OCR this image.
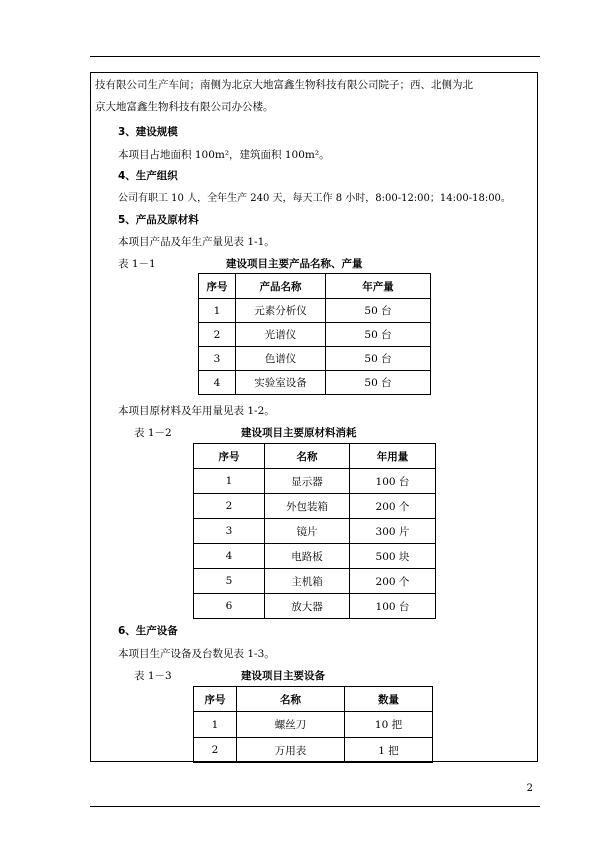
技有限公司生产车间；南侧为北京大地富鑫生物科技有限公司院子；西、北侧为北
京大地富鑫生物科技有限公司办公楼。
3、建设规模
本项目占地面积 100m²，建筑面积 100m²。
4、生产组织
公司有职工 10 人，全年生产 240 天，每天工作 8 小时，8:00-12:00；14:00-18:00。
5、产品及原材料
本项目产品及年生产量见表 1-1。
表 1－1	建设项目主要产品名称、产量
序号	产品名称	年产量
1	元素分析仪	50 台
2	光谱仪	50 台
3	色谱仪	50 台
4	实验室设备	50 台
本项目原材料及年用量见表 1-2。
表 1－2	建设项目主要原材料消耗
序号	名称	年用量
1	显示器	100 台
2	外包装箱	200 个
3	镜片	300 片
4	电路板	500 块
5	主机箱	200 个
6	放大器	100 台
6、生产设备
本项目生产设备及台数见表 1-3。
表 1－3	建设项目主要设备
序号	名称	数量
1	螺丝刀	10 把
2	万用表	1 把
2
